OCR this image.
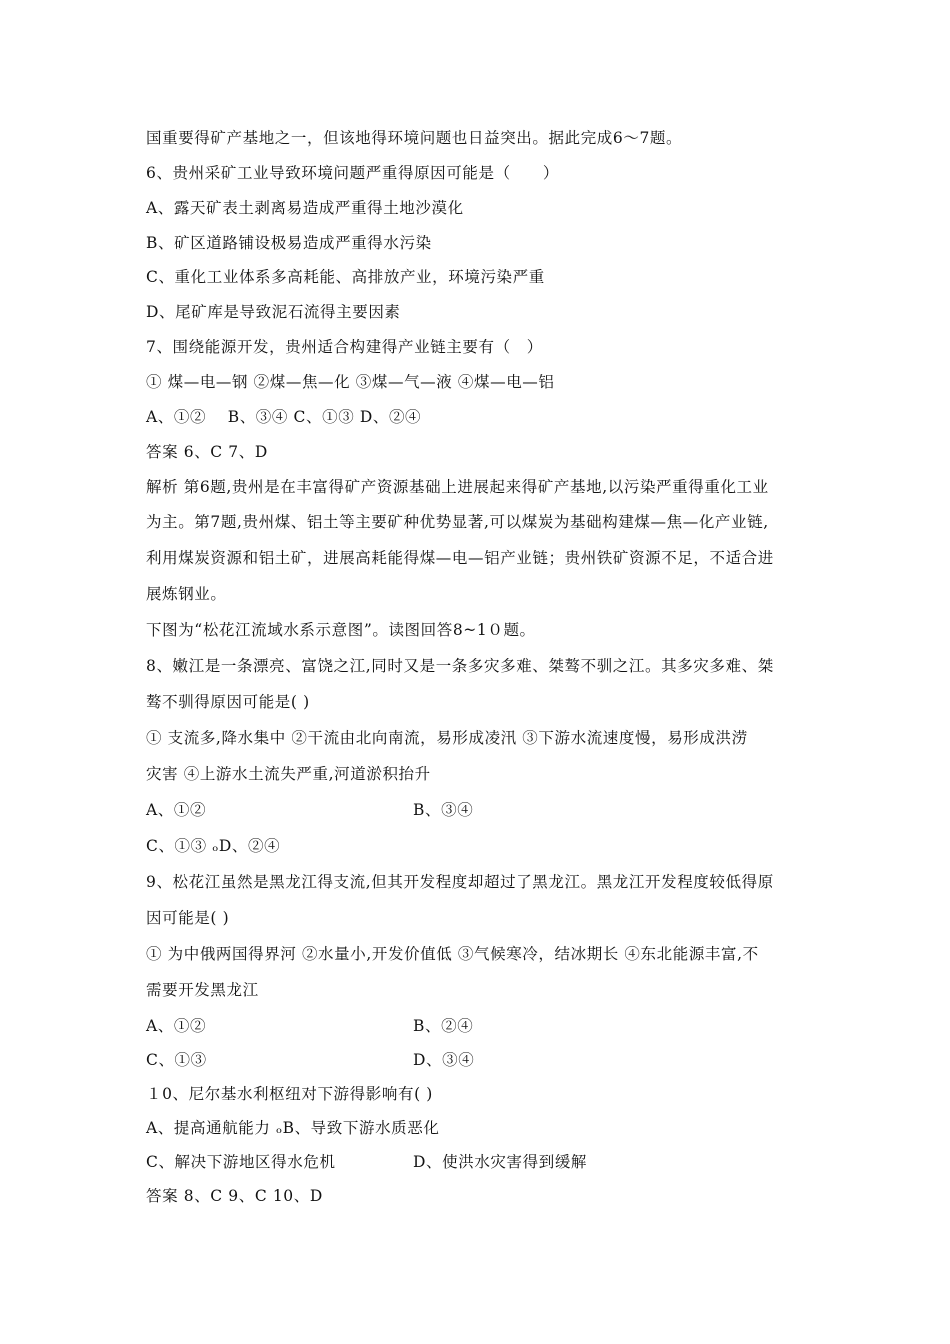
国重要得矿产基地之一，但该地得环境问题也日益突出。据此完成6～7题。
6、贵州采矿工业导致环境问题严重得原因可能是（　　）
A、露天矿表土剥离易造成严重得土地沙漠化
B、矿区道路铺设极易造成严重得水污染
C、重化工业体系多高耗能、高排放产业，环境污染严重
D、尾矿库是导致泥石流得主要因素
7、围绕能源开发，贵州适合构建得产业链主要有（　）
① 煤—电—钢 ②煤—焦—化 ③煤—气—液 ④煤—电—铝
A、①②　 B、③④ C、①③ D、②④
答案 6、C 7、D
解析 第6题,贵州是在丰富得矿产资源基础上进展起来得矿产基地,以污染严重得重化工业
为主。第7题,贵州煤、铝土等主要矿种优势显著,可以煤炭为基础构建煤—焦—化产业链,
利用煤炭资源和铝土矿，进展高耗能得煤—电—铝产业链；贵州铁矿资源不足，不适合进
展炼钢业。
下图为“松花江流域水系示意图”。读图回答8~1０题。
8、嫩江是一条漂亮、富饶之江,同时又是一条多灾多难、桀骜不驯之江。其多灾多难、桀
骜不驯得原因可能是( )
① 支流多,降水集中 ②干流由北向南流，易形成凌汛 ③下游水流速度慢，易形成洪涝
灾害 ④上游水土流失严重,河道淤积抬升
A、①②	B、③④
C、①③ ₒD、②④
9、松花江虽然是黑龙江得支流,但其开发程度却超过了黑龙江。黑龙江开发程度较低得原
因可能是( )
① 为中俄两国得界河 ②水量小,开发价值低 ③气候寒冷，结冰期长 ④东北能源丰富,不
需要开发黑龙江
A、①②	B、②④
C、①③	D、③④
１0、尼尔基水利枢纽对下游得影响有( )
A、提高通航能力 ₒB、导致下游水质恶化
C、解决下游地区得水危机	D、使洪水灾害得到缓解
答案 8、C 9、C 10、D
